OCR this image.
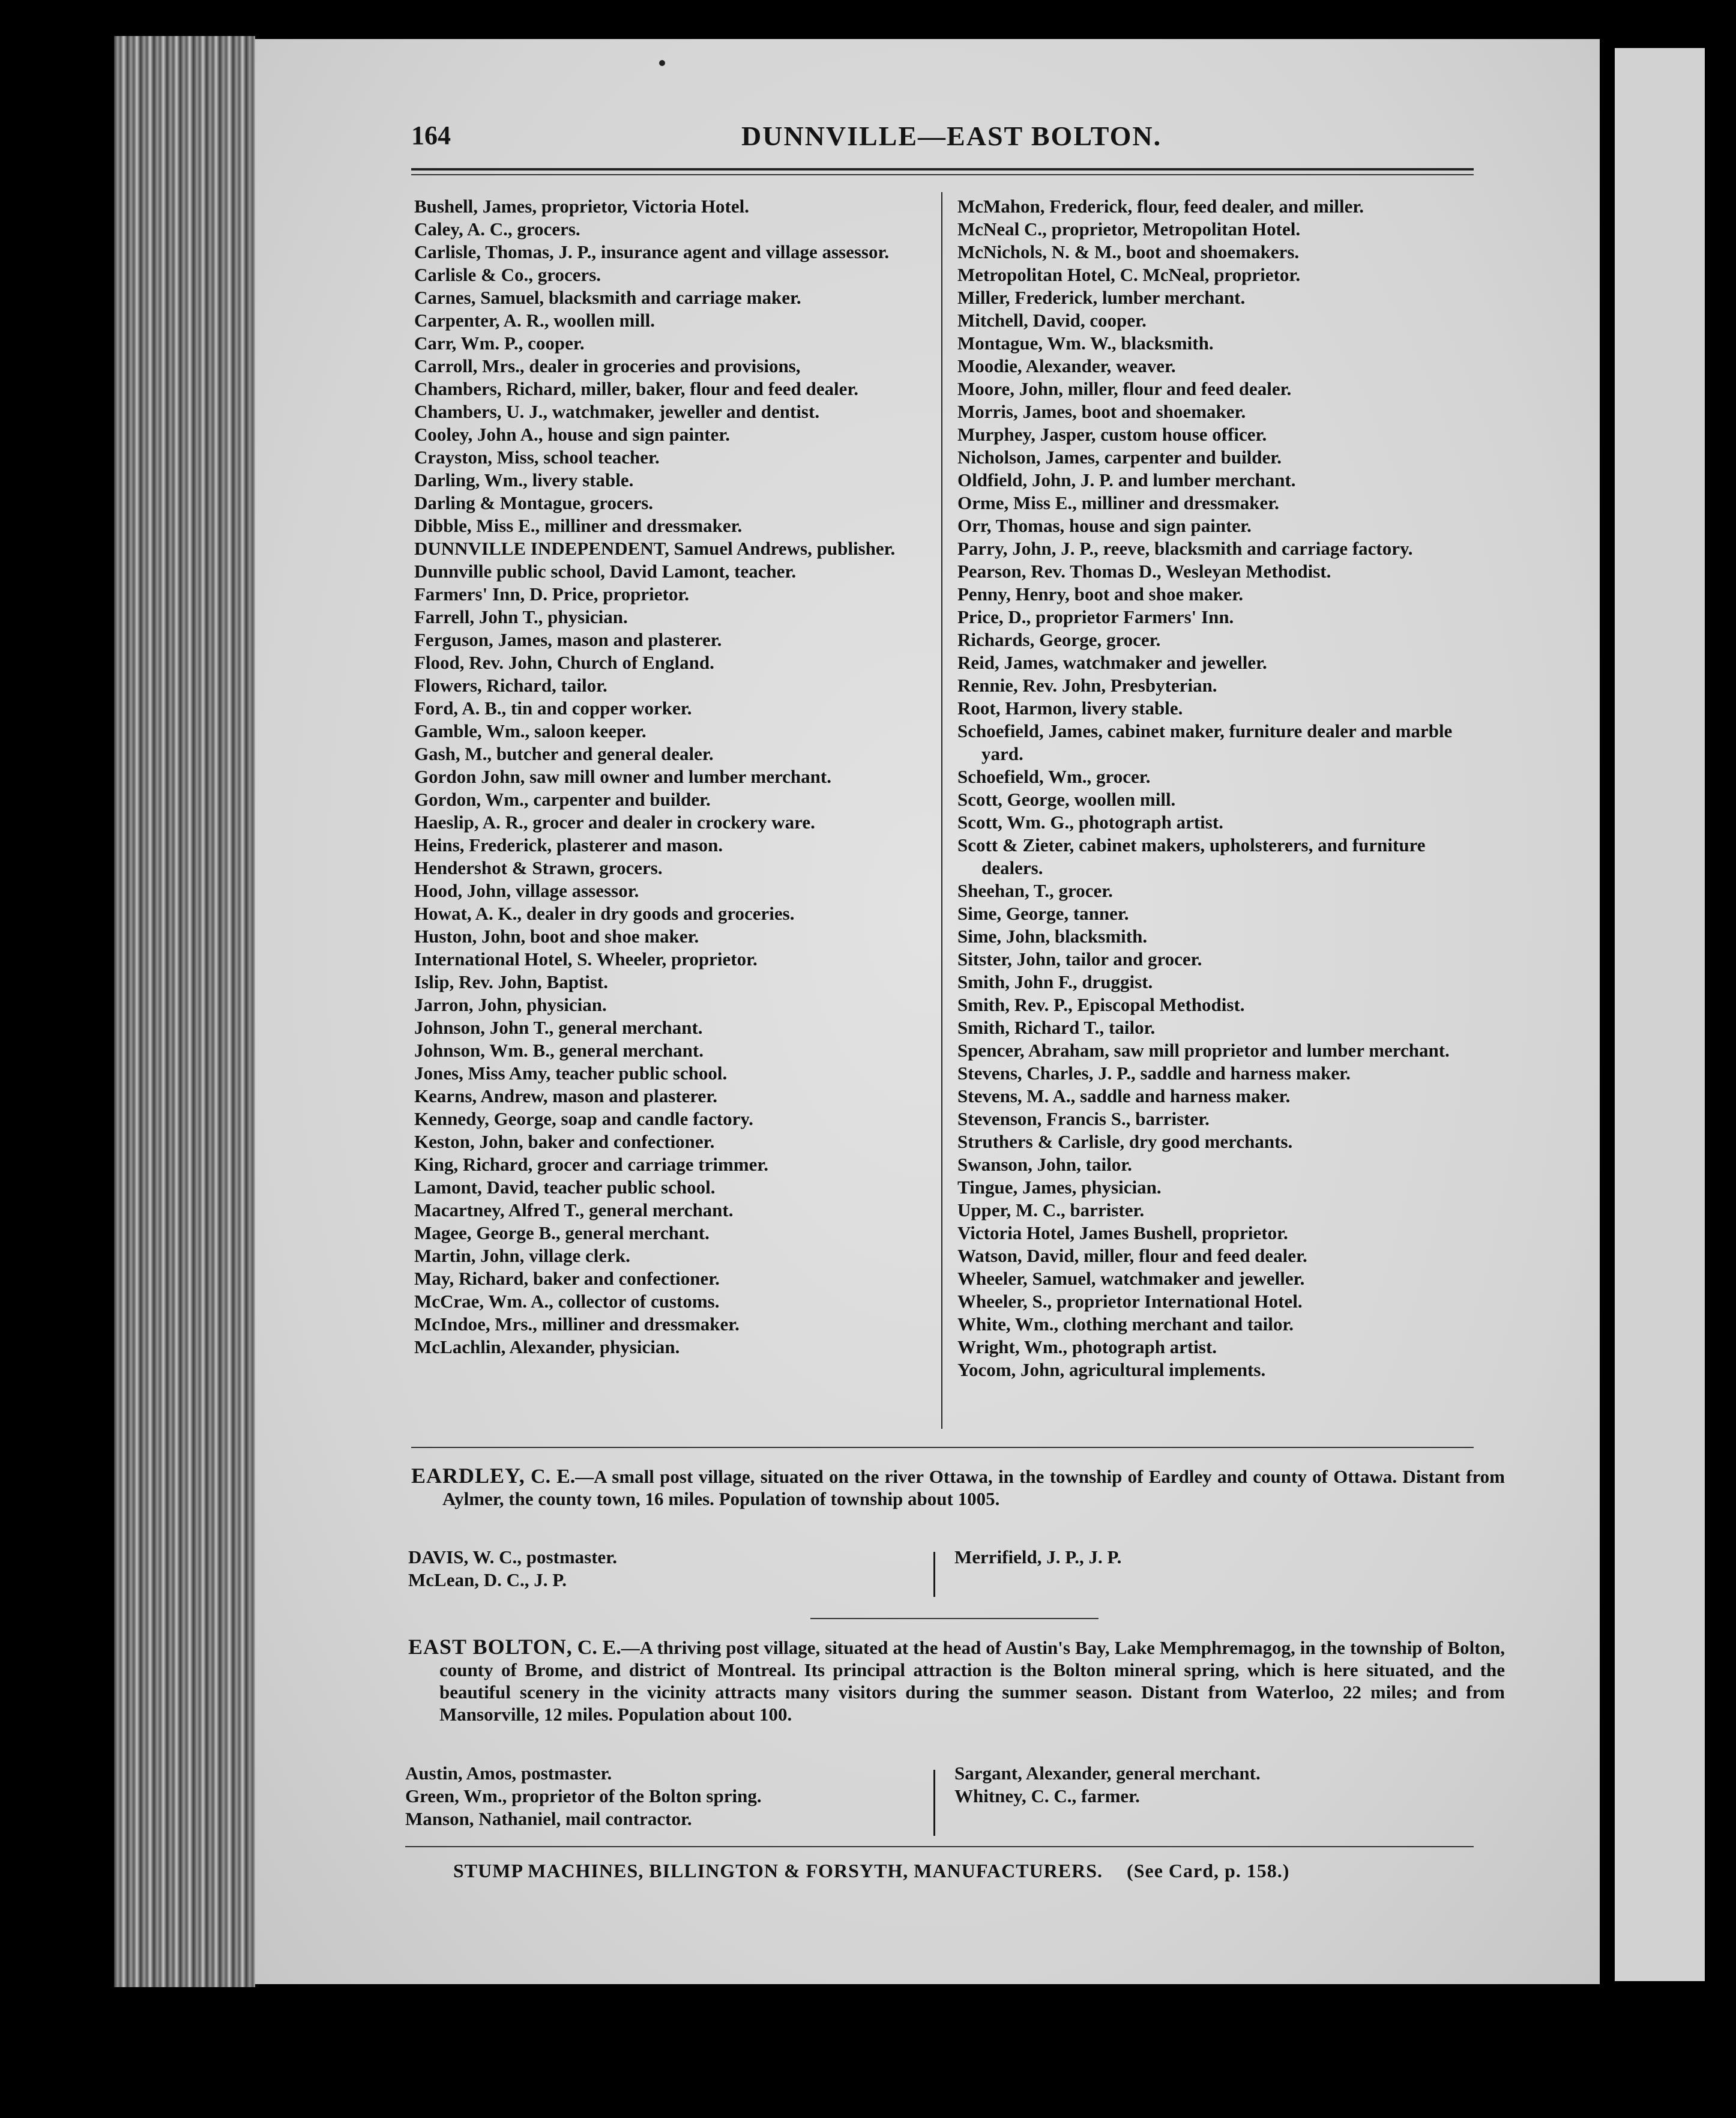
164	DUNNVILLE—EAST BOLTON.
Bushell, James, proprietor, Victoria Hotel.
Caley, A. C., grocers.
Carlisle, Thomas, J. P., insurance agent and village assessor.
Carlisle & Co., grocers.
Carnes, Samuel, blacksmith and carriage maker.
Carpenter, A. R., woollen mill.
Carr, Wm. P., cooper.
Carroll, Mrs., dealer in groceries and provisions,
Chambers, Richard, miller, baker, flour and feed dealer.
Chambers, U. J., watchmaker, jeweller and dentist.
Cooley, John A., house and sign painter.
Crayston, Miss, school teacher.
Darling, Wm., livery stable.
Darling & Montague, grocers.
Dibble, Miss E., milliner and dressmaker.
DUNNVILLE INDEPENDENT, Samuel Andrews, publisher.
Dunnville public school, David Lamont, teacher.
Farmers' Inn, D. Price, proprietor.
Farrell, John T., physician.
Ferguson, James, mason and plasterer.
Flood, Rev. John, Church of England.
Flowers, Richard, tailor.
Ford, A. B., tin and copper worker.
Gamble, Wm., saloon keeper.
Gash, M., butcher and general dealer.
Gordon John, saw mill owner and lumber merchant.
Gordon, Wm., carpenter and builder.
Haeslip, A. R., grocer and dealer in crockery ware.
Heins, Frederick, plasterer and mason.
Hendershot & Strawn, grocers.
Hood, John, village assessor.
Howat, A. K., dealer in dry goods and groceries.
Huston, John, boot and shoe maker.
International Hotel, S. Wheeler, proprietor.
Islip, Rev. John, Baptist.
Jarron, John, physician.
Johnson, John T., general merchant.
Johnson, Wm. B., general merchant.
Jones, Miss Amy, teacher public school.
Kearns, Andrew, mason and plasterer.
Kennedy, George, soap and candle factory.
Keston, John, baker and confectioner.
King, Richard, grocer and carriage trimmer.
Lamont, David, teacher public school.
Macartney, Alfred T., general merchant.
Magee, George B., general merchant.
Martin, John, village clerk.
May, Richard, baker and confectioner.
McCrae, Wm. A., collector of customs.
McIndoe, Mrs., milliner and dressmaker.
McLachlin, Alexander, physician.
McMahon, Frederick, flour, feed dealer, and miller.
McNeal C., proprietor, Metropolitan Hotel.
McNichols, N. & M., boot and shoemakers.
Metropolitan Hotel, C. McNeal, proprietor.
Miller, Frederick, lumber merchant.
Mitchell, David, cooper.
Montague, Wm. W., blacksmith.
Moodie, Alexander, weaver.
Moore, John, miller, flour and feed dealer.
Morris, James, boot and shoemaker.
Murphey, Jasper, custom house officer.
Nicholson, James, carpenter and builder.
Oldfield, John, J. P. and lumber merchant.
Orme, Miss E., milliner and dressmaker.
Orr, Thomas, house and sign painter.
Parry, John, J. P., reeve, blacksmith and carriage factory.
Pearson, Rev. Thomas D., Wesleyan Methodist.
Penny, Henry, boot and shoe maker.
Price, D., proprietor Farmers' Inn.
Richards, George, grocer.
Reid, James, watchmaker and jeweller.
Rennie, Rev. John, Presbyterian.
Root, Harmon, livery stable.
Schoefield, James, cabinet maker, furniture dealer and marble yard.
Schoefield, Wm., grocer.
Scott, George, woollen mill.
Scott, Wm. G., photograph artist.
Scott & Zieter, cabinet makers, upholsterers, and furniture dealers.
Sheehan, T., grocer.
Sime, George, tanner.
Sime, John, blacksmith.
Sitster, John, tailor and grocer.
Smith, John F., druggist.
Smith, Rev. P., Episcopal Methodist.
Smith, Richard T., tailor.
Spencer, Abraham, saw mill proprietor and lumber merchant.
Stevens, Charles, J. P., saddle and harness maker.
Stevens, M. A., saddle and harness maker.
Stevenson, Francis S., barrister.
Struthers & Carlisle, dry good merchants.
Swanson, John, tailor.
Tingue, James, physician.
Upper, M. C., barrister.
Victoria Hotel, James Bushell, proprietor.
Watson, David, miller, flour and feed dealer.
Wheeler, Samuel, watchmaker and jeweller.
Wheeler, S., proprietor International Hotel.
White, Wm., clothing merchant and tailor.
Wright, Wm., photograph artist.
Yocom, John, agricultural implements.
EARDLEY, C. E.—A small post village, situated on the river Ottawa, in the township of Eardley and county of Ottawa. Distant from Aylmer, the county town, 16 miles. Population of township about 1005.
DAVIS, W. C., postmaster.
McLean, D. C., J. P.
Merrifield, J. P., J. P.
EAST BOLTON, C. E.—A thriving post village, situated at the head of Austin's Bay, Lake Memphremagog, in the township of Bolton, county of Brome, and district of Montreal. Its principal attraction is the Bolton mineral spring, which is here situated, and the beautiful scenery in the vicinity attracts many visitors during the summer season. Distant from Waterloo, 22 miles; and from Mansorville, 12 miles. Population about 100.
Austin, Amos, postmaster.
Green, Wm., proprietor of the Bolton spring.
Manson, Nathaniel, mail contractor.
Sargant, Alexander, general merchant.
Whitney, C. C., farmer.
STUMP MACHINES, BILLINGTON & FORSYTH, MANUFACTURERS. (See Card, p. 158.)
